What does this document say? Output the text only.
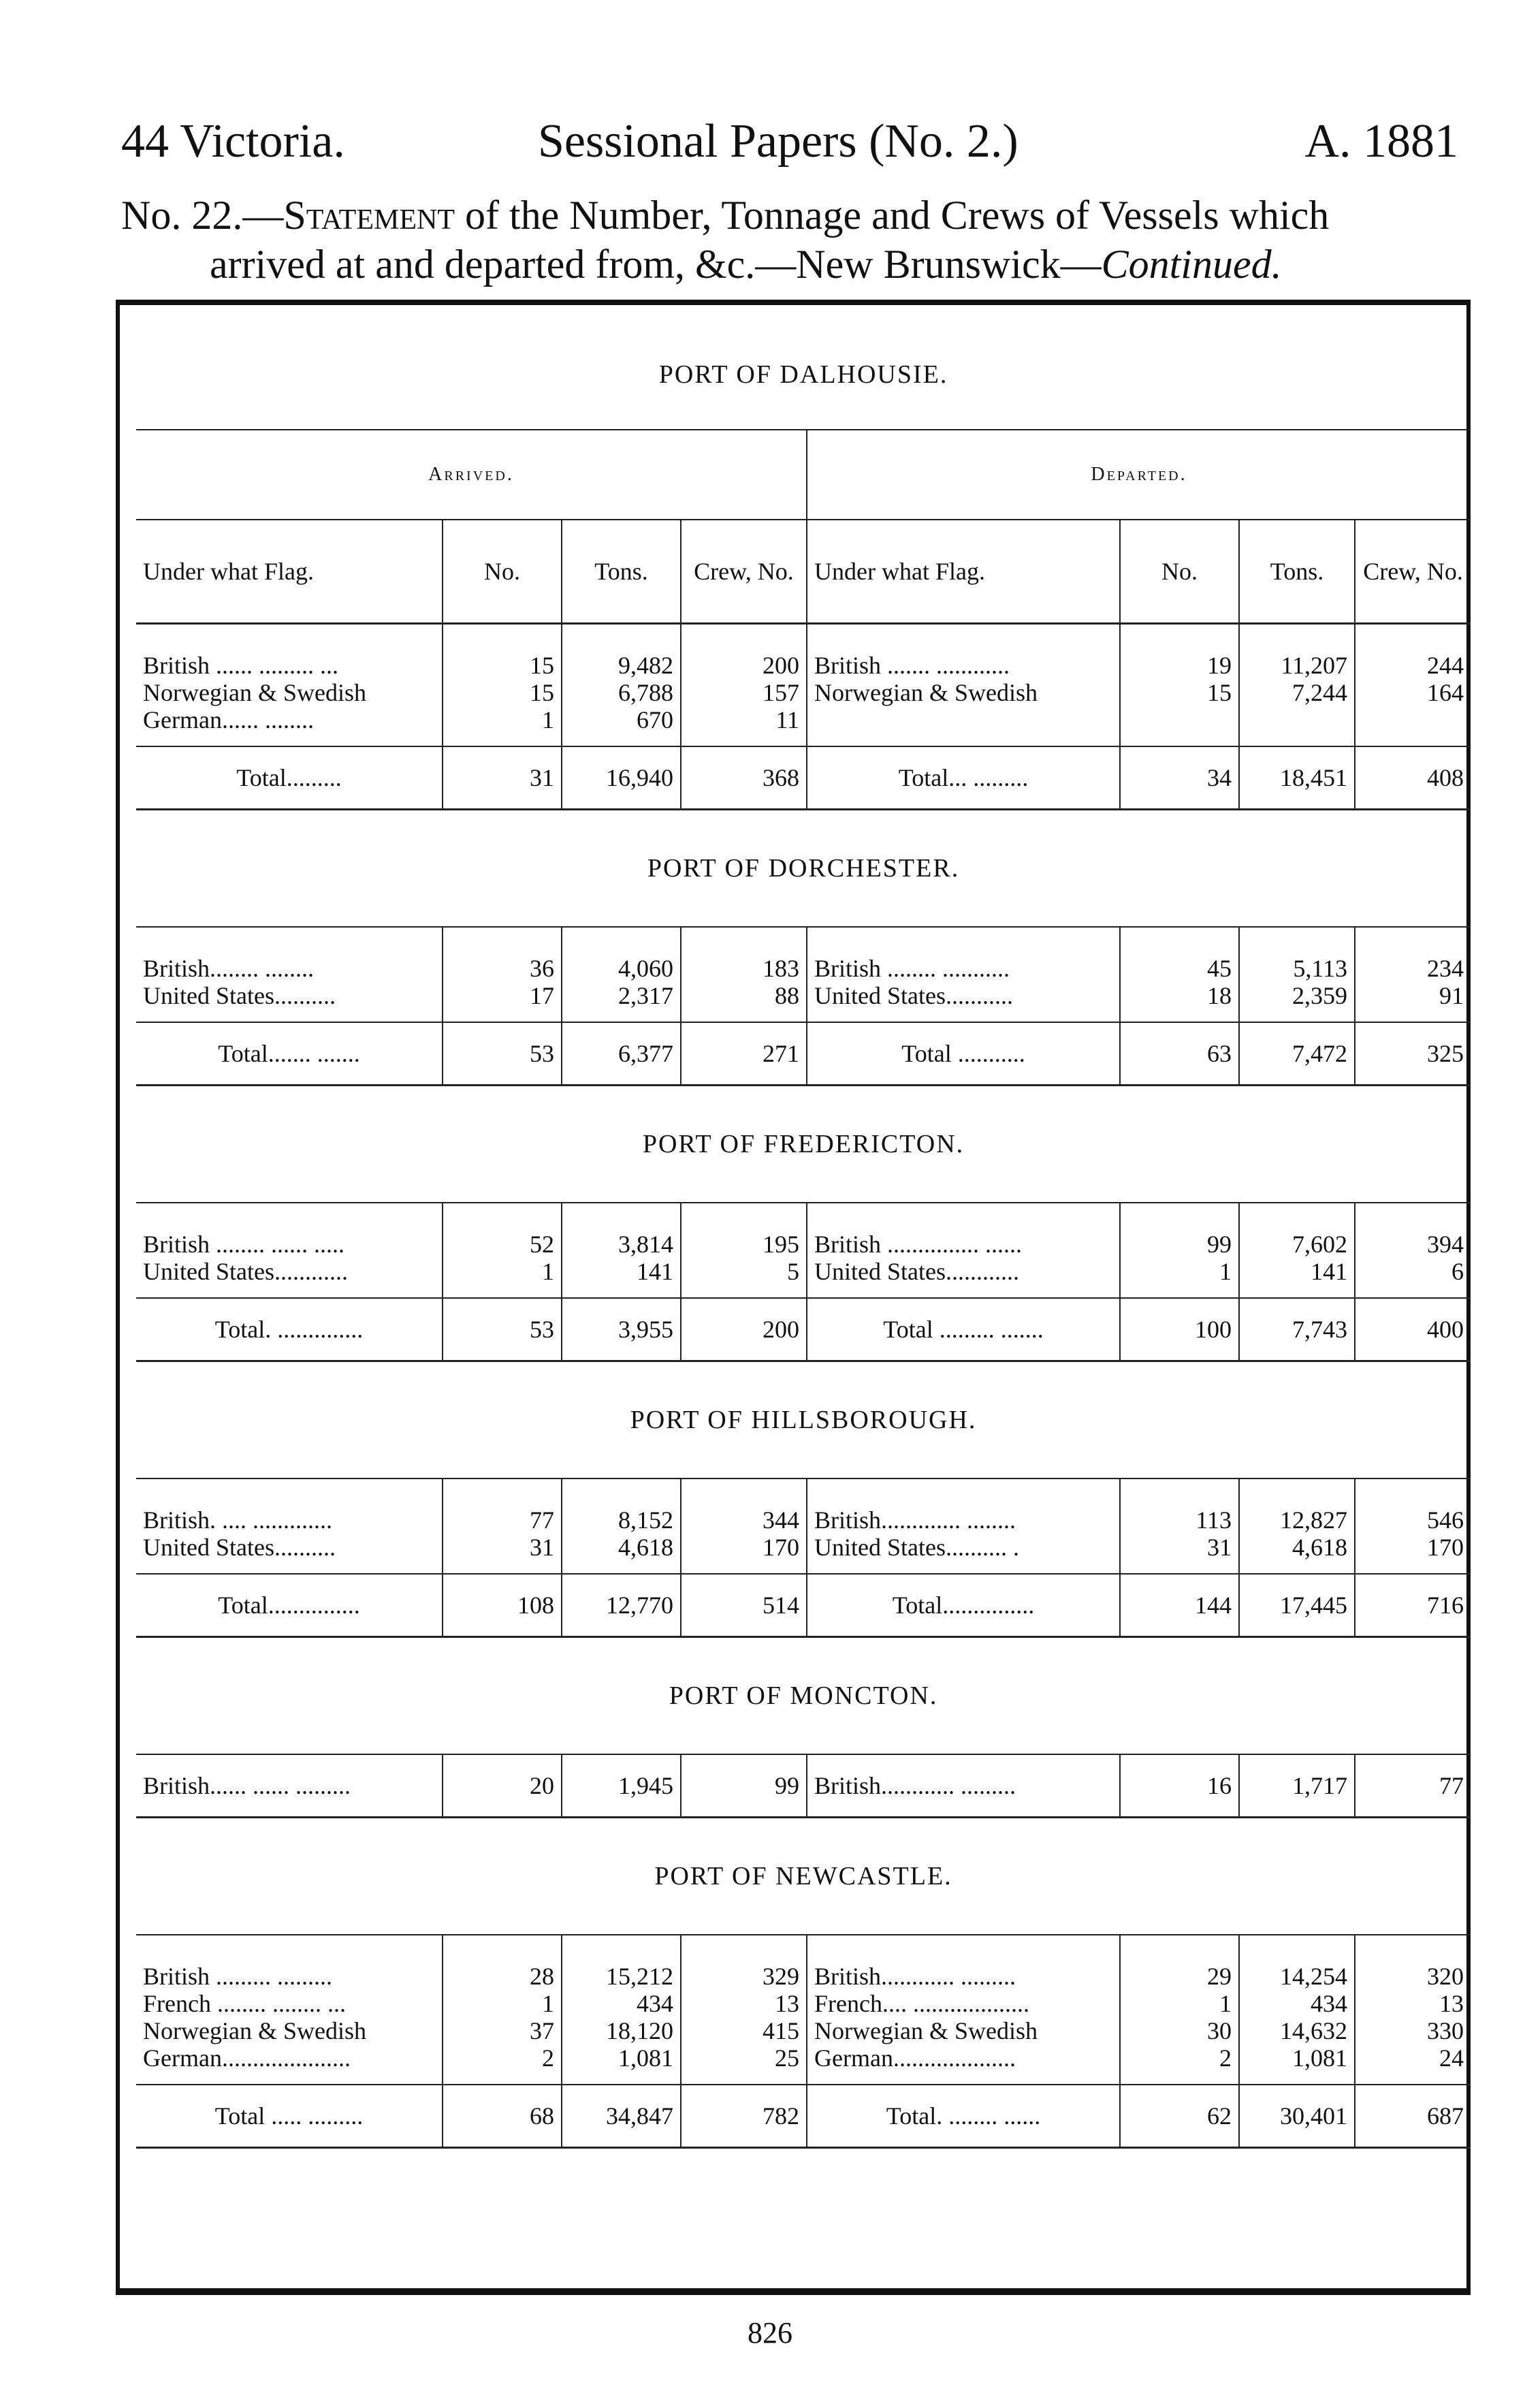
44 Victoria.	Sessional Papers (No. 2.)	A. 1881
No. 22.—Statement of the Number, Tonnage and Crews of Vessels which
arrived at and departed from, &c.—New Brunswick—Continued.
PORT OF DALHOUSIE.							
Arrived.				Departed.			
Under what Flag.	No.	Tons.	Crew, No.	Under what Flag.	No.	Tons.	Crew, No.
British ...... ......... ...	15	9,482	200	British ....... ............	19	11,207	244
Norwegian & Swedish	15	6,788	157	Norwegian & Swedish	15	7,244	164
German...... ........	1	670	11				
Total.........	31	16,940	368	Total... .........	34	18,451	408
PORT OF DORCHESTER.							
British........ ........	36	4,060	183	British ........ ...........	45	5,113	234
United States..........	17	2,317	88	United States...........	18	2,359	91
Total....... .......	53	6,377	271	Total ...........	63	7,472	325
PORT OF FREDERICTON.							
British ........ ...... .....	52	3,814	195	British ............... ......	99	7,602	394
United States............	1	141	5	United States............	1	141	6
Total. ..............	53	3,955	200	Total ......... .......	100	7,743	400
PORT OF HILLSBOROUGH.							
British. .... .............	77	8,152	344	British............. ........	113	12,827	546
United States..........	31	4,618	170	United States.......... .	31	4,618	170
Total...............	108	12,770	514	Total...............	144	17,445	716
PORT OF MONCTON.							
British...... ...... .........	20	1,945	99	British............ .........	16	1,717	77
PORT OF NEWCASTLE.							
British ......... .........	28	15,212	329	British............ .........	29	14,254	320
French ........ ........ ...	1	434	13	French.... ...................	1	434	13
Norwegian & Swedish	37	18,120	415	Norwegian & Swedish	30	14,632	330
German.....................	2	1,081	25	German....................	2	1,081	24
Total ..... .........	68	34,847	782	Total. ........ ......	62	30,401	687
826
